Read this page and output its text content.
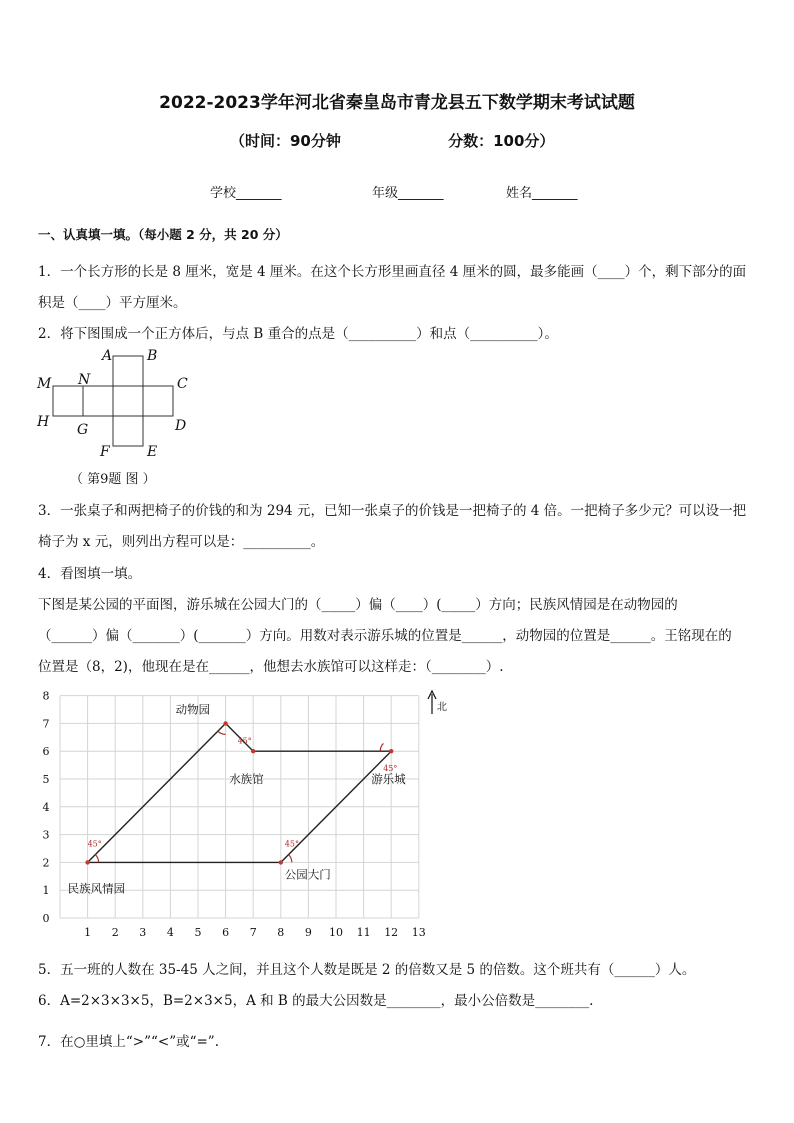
2022-2023学年河北省秦皇岛市青龙县五下数学期末考试试题
（时间：90分钟	分数：100分）
学校_______	年级_______	姓名_______
一、认真填一填。（每小题 2 分，共 20 分）
1．一个长方形的长是 8 厘米，宽是 4 厘米。在这个长方形里画直径 4 厘米的圆，最多能画（____）个，剩下部分的面
积是（____）平方厘米。
2．将下图围成一个正方体后，与点 B 重合的点是（__________）和点（__________）。
A B
M N	C
H G	D
F	E
（ 第9题 图 ）
3．一张桌子和两把椅子的价钱的和为 294 元，已知一张桌子的价钱是一把椅子的 4 倍。一把椅子多少元？可以设一把
椅子为 x 元，则列出方程可以是：__________。
4．看图填一填。
下图是某公园的平面图，游乐城在公园大门的（_____）偏（____）(_____）方向；民族风情园是在动物园的
（______）偏（_______）(_______）方向。用数对表示游乐城的位置是______，动物园的位置是______。王铭现在的
位置是（8，2)，他现在是在______，他想去水族馆可以这样走：（________）.
1 2 3 4 5 6 7 8 9 10 11 12 13
0
1
2
3
4
5
6
7
8
45°
45°
45°
45°
民族风情园
动物园
水族馆	游乐城
公园大门
北
5．五一班的人数在 35-45 人之间，并且这个人数是既是 2 的倍数又是 5 的倍数。这个班共有（______）人。
6．A=2×3×3×5，B=2×3×5，A 和 B 的最大公因数是________，最小公倍数是________.
7．在○里填上“>”“<”或“=”.
